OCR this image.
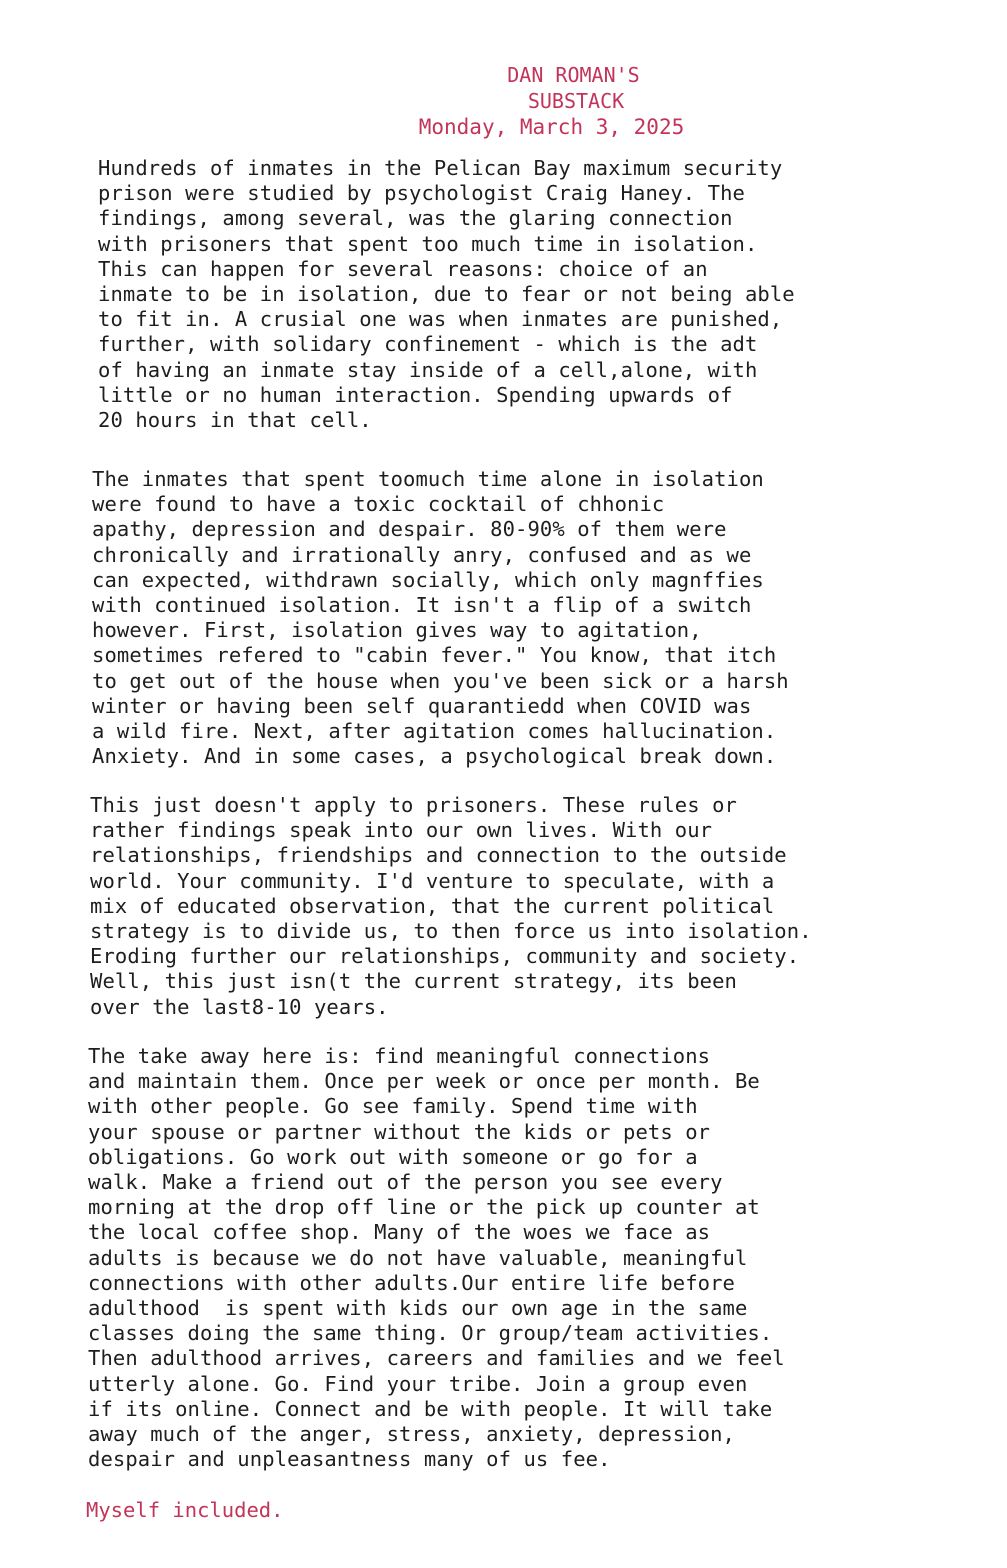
DAN ROMAN'S
SUBSTACK
Monday, March 3, 2025
Hundreds of inmates in the Pelican Bay maximum security
prison were studied by psychologist Craig Haney. The
findings, among several, was the glaring connection
with prisoners that spent too much time in isolation.
This can happen for several reasons: choice of an
inmate to be in isolation, due to fear or not being able
to fit in. A crusial one was when inmates are punished,
further, with solidary confinement - which is the adt
of having an inmate stay inside of a cell,alone, with
little or no human interaction. Spending upwards of
20 hours in that cell.
The inmates that spent toomuch time alone in isolation
were found to have a toxic cocktail of chhonic
apathy, depression and despair. 80-90% of them were
chronically and irrationally anry, confused and as we
can expected, withdrawn socially, which only magnffies
with continued isolation. It isn't a flip of a switch
however. First, isolation gives way to agitation,
sometimes refered to "cabin fever." You know, that itch
to get out of the house when you've been sick or a harsh
winter or having been self quarantiedd when COVID was
a wild fire. Next, after agitation comes hallucination.
Anxiety. And in some cases, a psychological break down.
This just doesn't apply to prisoners. These rules or
rather findings speak into our own lives. With our
relationships, friendships and connection to the outside
world. Your community. I'd venture to speculate, with a
mix of educated observation, that the current political
strategy is to divide us, to then force us into isolation.
Eroding further our relationships, community and society.
Well, this just isn(t the current strategy, its been
over the last8-10 years.
The take away here is: find meaningful connections
and maintain them. Once per week or once per month. Be
with other people. Go see family. Spend time with
your spouse or partner without the kids or pets or
obligations. Go work out with someone or go for a
walk. Make a friend out of the person you see every
morning at the drop off line or the pick up counter at
the local coffee shop. Many of the woes we face as
adults is because we do not have valuable, meaningful
connections with other adults.Our entire life before
adulthood  is spent with kids our own age in the same
classes doing the same thing. Or group/team activities.
Then adulthood arrives, careers and families and we feel
utterly alone. Go. Find your tribe. Join a group even
if its online. Connect and be with people. It will take
away much of the anger, stress, anxiety, depression,
despair and unpleasantness many of us fee.
Myself included.
